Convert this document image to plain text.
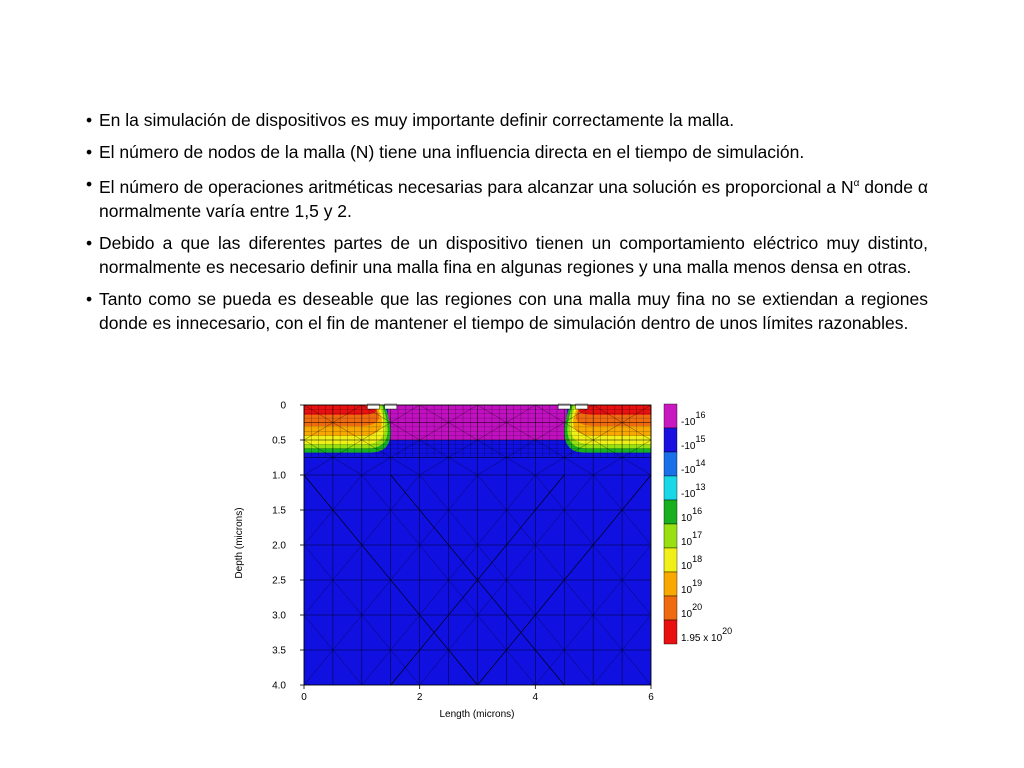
• En la simulación de dispositivos es muy importante definir correctamente la malla.
• El número de nodos de la malla (N) tiene una influencia directa en el tiempo de simulación.
• El número de operaciones aritméticas necesarias para alcanzar una solución es proporcional a $N^\alpha$ donde α normalmente varía entre 1,5 y 2.
• Debido a que las diferentes partes de un dispositivo tienen un comportamiento eléctrico muy distinto, normalmente es necesario definir una malla fina en algunas regiones y una malla menos densa en otras.
• Tanto como se pueda es deseable que las regiones con una malla muy fina no se extiendan a regiones donde es innecesario, con el fin de mantener el tiempo de simulación dentro de unos límites razonables.
0
0.5
1.0
1.5
2.0
2.5
3.0
3.5
4.0
0	2	4	6
-1016
-1015
-1014
-1013
1016
1017
1018
1019
1020
1.95 x 1020
Length (microns)
Depth (microns)
